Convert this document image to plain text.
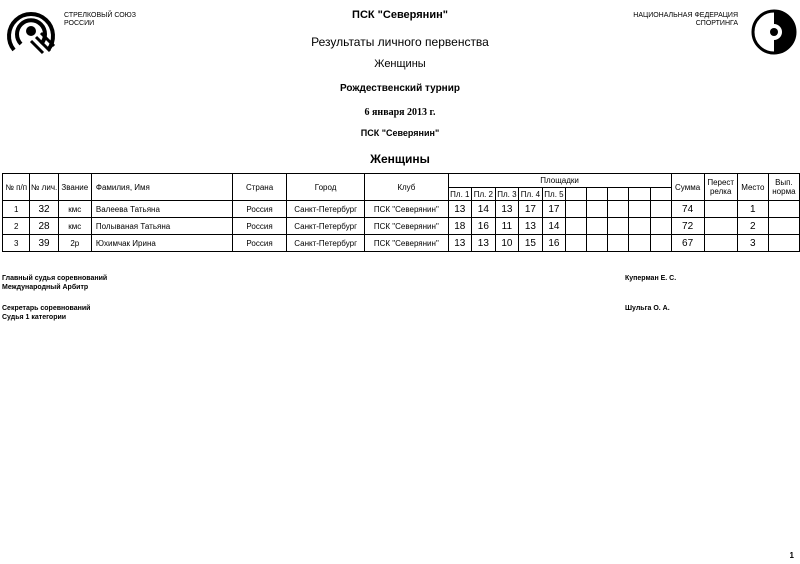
СТРЕЛКОВЫЙ СОЮЗ
РОССИИ
НАЦИОНАЛЬНАЯ ФЕДЕРАЦИЯ
СПОРТИНГА
ПСК "Северянин"
Результаты личного первенства
Женщины
Рождественский турнир
6 января 2013 г.
ПСК "Северянин"
Женщины
№ п/п	№ лич.	Звание	Фамилия, Имя	Страна	Город	Клуб	Площадки										Сумма	Перест релка	Место	Вып. норма
							Пл. 1	Пл. 2	Пл. 3	Пл. 4	Пл. 5									
1	32	кмс	Валеева Татьяна	Россия	Санкт-Петербург	ПСК "Северянин"	13	14	13	17	17						74		1	
2	28	кмс	Полываная Татьяна	Россия	Санкт-Петербург	ПСК "Северянин"	18	16	11	13	14						72		2	
3	39	2р	Юхимчак Ирина	Россия	Санкт-Петербург	ПСК "Северянин"	13	13	10	15	16						67		3	
Главный судья соревнований
Международный Арбитр
Куперман Е. С.
Секретарь соревнований
Судья 1 категории
Шульга О. А.
1
